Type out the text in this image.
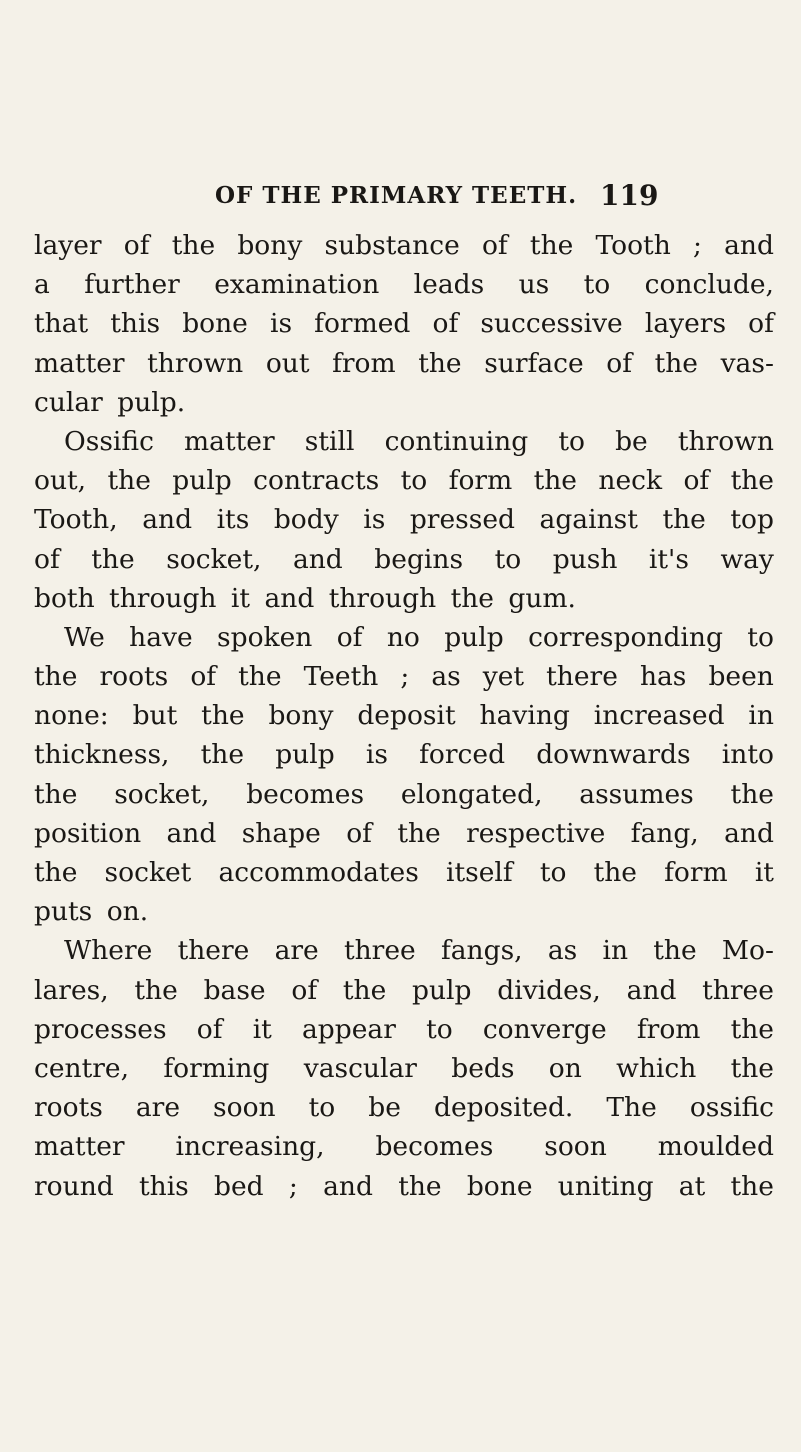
OF THE PRIMARY TEETH. 119
layer of the bony substance of the Tooth ; and
a further examination leads us to conclude,
that this bone is formed of successive layers of
matter thrown out from the surface of the vas-
cular pulp.
Ossific matter still continuing to be thrown
out, the pulp contracts to form the neck of the
Tooth, and its body is pressed against the top
of the socket, and begins to push it's way
both through it and through the gum.
We have spoken of no pulp corresponding to
the roots of the Teeth ; as yet there has been
none: but the bony deposit having increased in
thickness, the pulp is forced downwards into
the socket, becomes elongated, assumes the
position and shape of the respective fang, and
the socket accommodates itself to the form it
puts on.
Where there are three fangs, as in the Mo-
lares, the base of the pulp divides, and three
processes of it appear to converge from the
centre, forming vascular beds on which the
roots are soon to be deposited. The ossific
matter increasing, becomes soon moulded
round this bed ; and the bone uniting at the
